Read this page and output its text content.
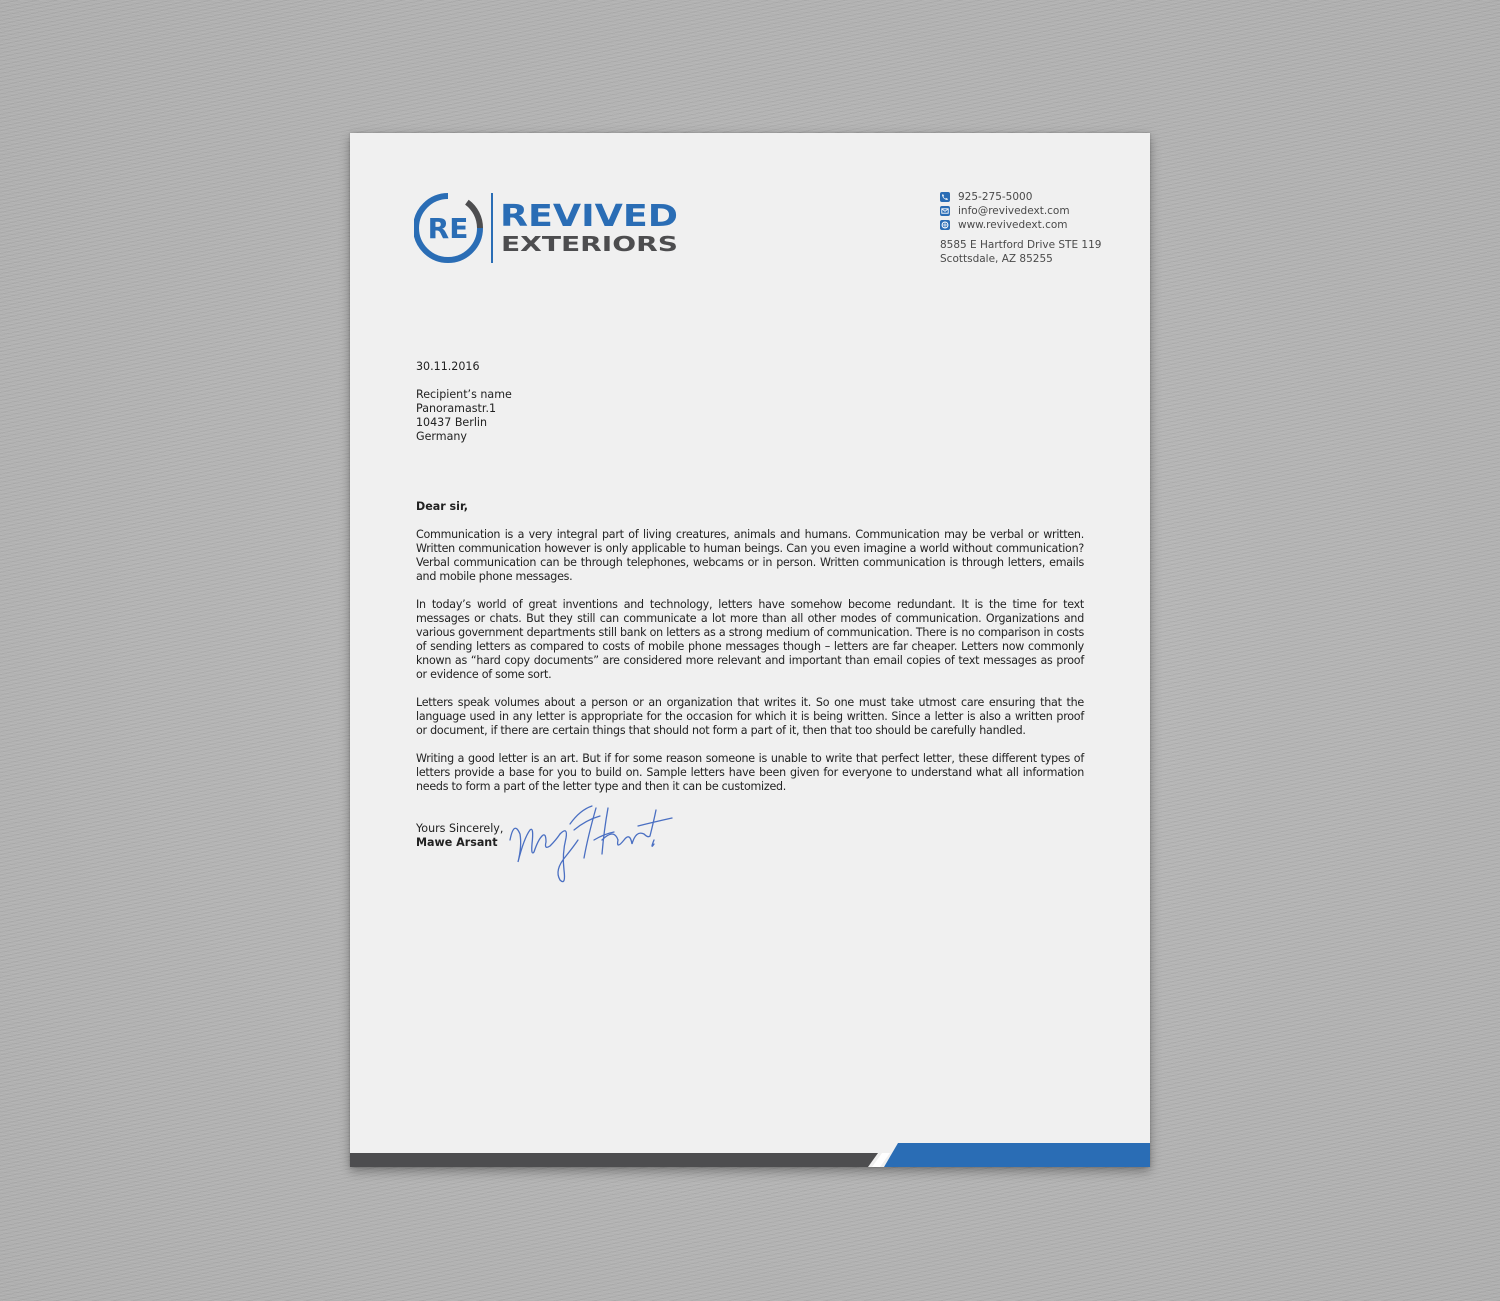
RE REVIVED
EXTERIORS
925-275-5000
info@revivedext.com
www.revivedext.com
8585 E Hartford Drive STE 119
Scottsdale, AZ 85255
30.11.2016
Recipient’s name
Panoramastr.1
10437 Berlin
Germany
Dear sir,

Communication is a very integral part of living creatures, animals and humans. Communication may be verbal or written. Written communication however is only applicable to human beings. Can you even imagine a world without communication? Verbal communication can be through telephones, webcams or in person. Written communication is through letters, emails and mobile phone messages.

In today’s world of great inventions and technology, letters have somehow become redundant. It is the time for text messages or chats. But they still can communicate a lot more than all other modes of communication. Organizations and various government departments still bank on letters as a strong medium of communication. There is no comparison in costs of sending letters as compared to costs of mobile phone messages though – letters are far cheaper. Letters now commonly known as “hard copy documents” are considered more relevant and important than email copies of text messages as proof or evidence of some sort.

Letters speak volumes about a person or an organization that writes it. So one must take utmost care ensuring that the language used in any letter is appropriate for the occasion for which it is being written. Since a letter is also a written proof or document, if there are certain things that should not form a part of it, then that too should be carefully handled.

Writing a good letter is an art. But if for some reason someone is unable to write that perfect letter, these different types of letters provide a base for you to build on. Sample letters have been given for everyone to understand what all information needs to form a part of the letter type and then it can be customized.

Yours Sincerely,
Mawe Arsant
